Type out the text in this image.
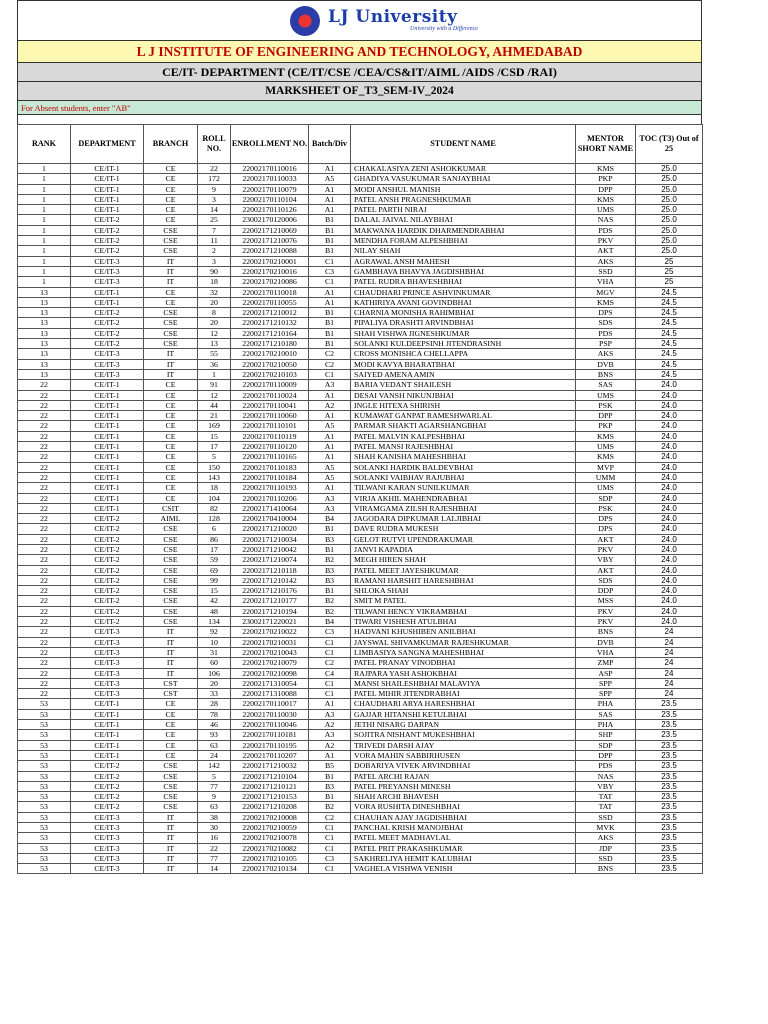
LJ University
University with a Difference
L J INSTITUTE OF ENGINEERING AND TECHNOLOGY, AHMEDABAD
CE/IT- DEPARTMENT (CE/IT/CSE /CEA/CS&IT/AIML /AIDS /CSD /RAI)
MARKSHEET OF_T3_SEM-IV_2024
For Absent students, enter "AB"
RANK	DEPARTMENT	BRANCH	ROLL NO.	ENROLLMENT NO.	Batch/Div	STUDENT NAME	MENTOR SHORT NAME	TOC (T3) Out of 25
1	CE/IT-1	CE	22	22002170110016	A1	CHAKALASIYA ZENI ASHOKKUMAR	KMS	25.0
1	CE/IT-1	CE	172	22002170110033	A5	GHADIYA VASUKUMAR SANJAYBHAI	PKP	25.0
1	CE/IT-1	CE	9	22002170110079	A1	MODI ANSHUL MANISH	DPP	25.0
1	CE/IT-1	CE	3	22002170110104	A1	PATEL ANSH PRAGNESHKUMAR	KMS	25.0
1	CE/IT-1	CE	14	22002170110126	A1	PATEL PARTH NIRAJ	UMS	25.0
1	CE/IT-2	CE	25	23002170120006	B1	DALAL JAIVAL NILAYBHAI	NAS	25.0
1	CE/IT-2	CSE	7	22002171210069	B1	MAKWANA HARDIK DHARMENDRABHAI	PDS	25.0
1	CE/IT-2	CSE	11	22002171210076	B1	MENDHA FORAM ALPESHBHAI	PKV	25.0
1	CE/IT-2	CSE	2	22002171210088	B1	NILAY SHAH	AKT	25.0
1	CE/IT-3	IT	3	22002170210001	C1	AGRAWAL ANSH MAHESH	AKS	25
1	CE/IT-3	IT	90	22002170210016	C3	GAMBHAVA BHAVYA JAGDISHBHAI	SSD	25
1	CE/IT-3	IT	18	22002170210086	C1	PATEL RUDRA BHAVESHBHAI	VHA	25
13	CE/IT-1	CE	32	22002170110018	A1	CHAUDHARI PRINCE ASHVINKUMAR	MGV	24.5
13	CE/IT-1	CE	20	22002170110055	A1	KATHIRIYA AVANI GOVINDBHAI	KMS	24.5
13	CE/IT-2	CSE	8	22002171210012	B1	CHARNIA MONISHA RAHIMBHAI	DPS	24.5
13	CE/IT-2	CSE	20	22002171210132	B1	PIPALIYA DRASHTI ARVINDBHAI	SDS	24.5
13	CE/IT-2	CSE	12	22002171210164	B1	SHAH VISHWA JIGNESHKUMAR	PDS	24.5
13	CE/IT-2	CSE	13	22002171210180	B1	SOLANKI KULDEEPSINH JITENDRASINH	PSP	24.5
13	CE/IT-3	IT	55	22002170210010	C2	CROSS MONISHCA CHELLAPPA	AKS	24.5
13	CE/IT-3	IT	36	22002170210050	C2	MODI KAVYA BHARATBHAI	DVB	24.5
13	CE/IT-3	IT	1	22002170210103	C1	SAIYED AMENA AMIN	BNS	24.5
22	CE/IT-1	CE	91	22002170110009	A3	BARIA VEDANT SHAILESH	SAS	24.0
22	CE/IT-1	CE	12	22002170110024	A1	DESAI VANSH NIKUNJBHAI	UMS	24.0
22	CE/IT-1	CE	44	22002170110041	A2	INGLE HITEXA SHIRISH	PSK	24.0
22	CE/IT-1	CE	21	22002170110060	A1	KUMAWAT GANPAT RAMESHWARLAL	DPP	24.0
22	CE/IT-1	CE	169	22002170110101	A5	PARMAR SHAKTI AGARSHANGBHAI	PKP	24.0
22	CE/IT-1	CE	15	22002170110119	A1	PATEL MALVIN KALPESHBHAI	KMS	24.0
22	CE/IT-1	CE	17	22002170110120	A1	PATEL MANSI RAJESHBHAI	UMS	24.0
22	CE/IT-1	CE	5	22002170110165	A1	SHAH KANISHA MAHESHBHAI	KMS	24.0
22	CE/IT-1	CE	150	22002170110183	A5	SOLANKI HARDIK BALDEVBHAI	MVP	24.0
22	CE/IT-1	CE	143	22002170110184	A5	SOLANKI VAIBHAV RAJUBHAI	UMM	24.0
22	CE/IT-1	CE	18	22002170110193	A1	TILWANI KARAN SUNILKUMAR	UMS	24.0
22	CE/IT-1	CE	104	22002170110206	A3	VIRJA AKHIL MAHENDRABHAI	SDP	24.0
22	CE/IT-1	CSIT	82	22002171410064	A3	VIRAMGAMA ZILSH RAJESHBHAI	PSK	24.0
22	CE/IT-2	AIML	128	22002170410004	B4	JAGODARA DIPKUMAR LALJIBHAI	DPS	24.0
22	CE/IT-2	CSE	6	22002171210020	B1	DAVE RUDRA MUKESH	DPS	24.0
22	CE/IT-2	CSE	86	22002171210034	B3	GELOT RUTVI UPENDRAKUMAR	AKT	24.0
22	CE/IT-2	CSE	17	22002171210042	B1	JANVI KAPADIA	PKV	24.0
22	CE/IT-2	CSE	59	22002171210074	B2	MEGH HIREN SHAH	VBY	24.0
22	CE/IT-2	CSE	69	22002171210118	B3	PATEL MEET JAYESHKUMAR	AKT	24.0
22	CE/IT-2	CSE	99	22002171210142	B3	RAMANI HARSHIT HARESHBHAI	SDS	24.0
22	CE/IT-2	CSE	15	22002171210176	B1	SHLOKA SHAH	DDP	24.0
22	CE/IT-2	CSE	42	22002171210177	B2	SMIT M PATEL	MSS	24.0
22	CE/IT-2	CSE	48	22002171210194	B2	TILWANI HENCY VIKRAMBHAI	PKV	24.0
22	CE/IT-2	CSE	134	23002171220021	B4	TIWARI VISHESH ATULBHAI	PKV	24.0
22	CE/IT-3	IT	92	22002170210022	C3	HADVANI KHUSHIBEN ANILBHAI	BNS	24
22	CE/IT-3	IT	10	22002170210031	C1	JAYSWAL SHIVAMKUMAR RAJESHKUMAR	DVB	24
22	CE/IT-3	IT	31	22002170210043	C1	LIMBASIYA SANGNA MAHESHBHAI	VHA	24
22	CE/IT-3	IT	60	22002170210079	C2	PATEL PRANAY VINODBHAI	ZMP	24
22	CE/IT-3	IT	106	22002170210098	C4	RAJPARA YASH ASHOKBHAI	ASP	24
22	CE/IT-3	CST	20	22002171310054	C1	MANSI SHAILESHBHAI MALAVIYA	SPP	24
22	CE/IT-3	CST	33	22002171310088	C1	PATEL MIHIR JITENDRABHAI	SPP	24
53	CE/IT-1	CE	28	22002170110017	A1	CHAUDHARI ARYA HARESHBHAI	PHA	23.5
53	CE/IT-1	CE	78	22002170110030	A3	GAJJAR HITANSHI KETULBHAI	SAS	23.5
53	CE/IT-1	CE	46	22002170110046	A2	JETHI NISARG DARPAN	PHA	23.5
53	CE/IT-1	CE	93	22002170110181	A3	SOJITRA NISHANT MUKESHBHAI	SHP	23.5
53	CE/IT-1	CE	63	22002170110195	A2	TRIVEDI DARSH AJAY	SDP	23.5
53	CE/IT-1	CE	24	22002170110207	A1	VORA MAHIN SABBIRHUSEN	DPP	23.5
53	CE/IT-2	CSE	142	22002171210032	B5	DOBARIYA VIVEK ARVINDBHAI	PDS	23.5
53	CE/IT-2	CSE	5	22002171210104	B1	PATEL ARCHI RAJAN	NAS	23.5
53	CE/IT-2	CSE	77	22002171210121	B3	PATEL PREYANSH MINESH	VBY	23.5
53	CE/IT-2	CSE	9	22002171210153	B1	SHAH ARCHI BHAVESH	TAT	23.5
53	CE/IT-2	CSE	63	22002171210208	B2	VORA RUSHITA DINESHBHAI	TAT	23.5
53	CE/IT-3	IT	38	22002170210008	C2	CHAUHAN AJAY JAGDISHBHAI	SSD	23.5
53	CE/IT-3	IT	30	22002170210059	C1	PANCHAL KRISH MANOJBHAI	MVK	23.5
53	CE/IT-3	IT	16	22002170210078	C1	PATEL MEET MADHAVLAL	AKS	23.5
53	CE/IT-3	IT	22	22002170210082	C1	PATEL PRIT PRAKASHKUMAR	JDP	23.5
53	CE/IT-3	IT	77	22002170210105	C3	SAKHRELIYA HEMIT KALUBHAI	SSD	23.5
53	CE/IT-3	IT	14	22002170210134	C1	VAGHELA VISHWA VENISH	BNS	23.5
